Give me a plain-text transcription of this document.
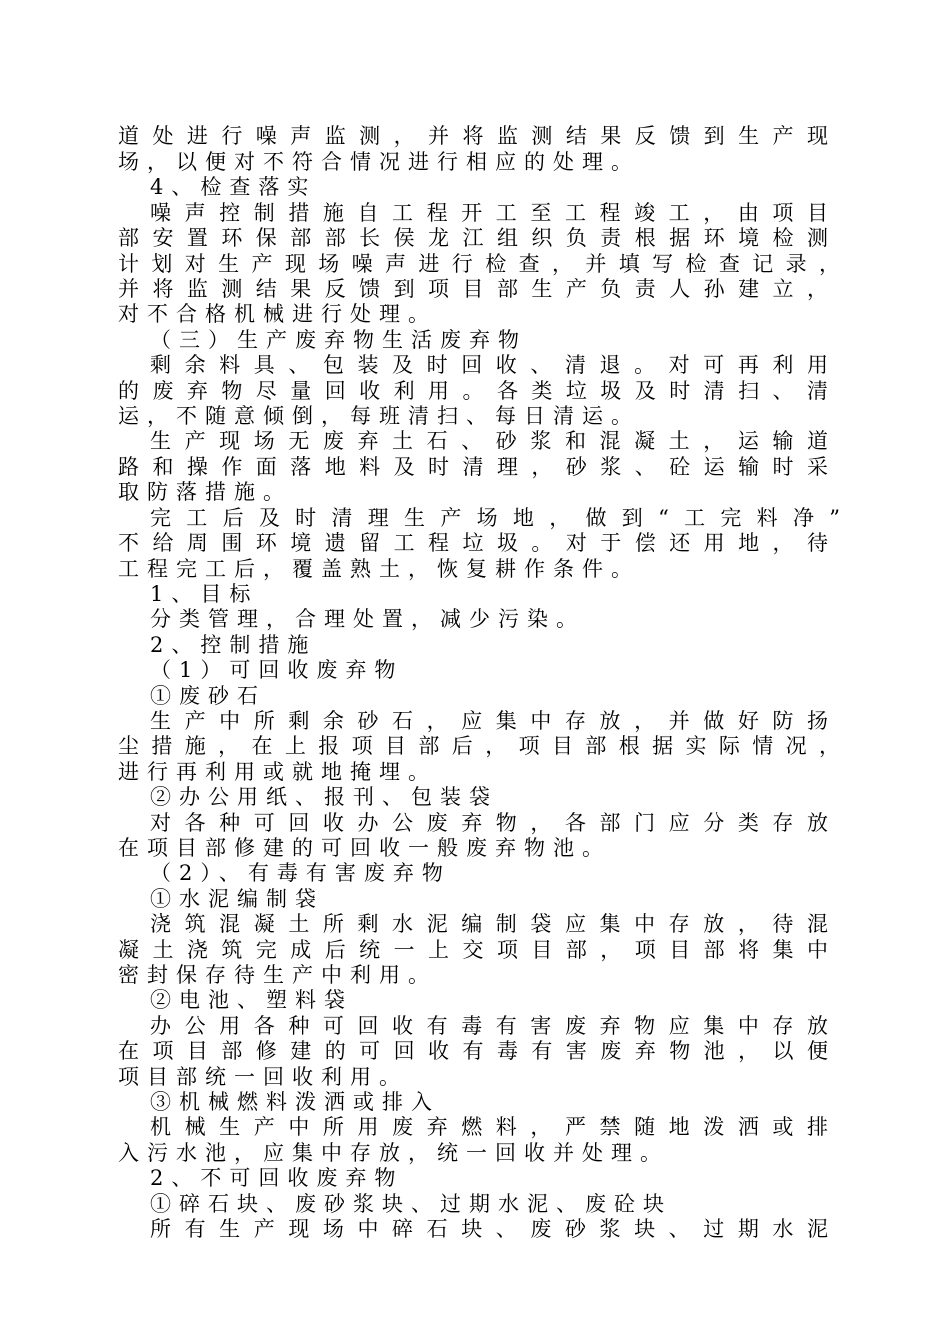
道处进行噪声监测，并将监测结果反馈到生产现
场，以便对不符合情况进行相应的处理。
4、检查落实
噪声控制措施自工程开工至工程竣工，由项目
部安置环保部部长侯龙江组织负责根据环境检测
计划对生产现场噪声进行检查，并填写检查记录，
并将监测结果反馈到项目部生产负责人孙建立，
对不合格机械进行处理。
（三）生产废弃物生活废弃物
剩余料具、包装及时回收、清退。对可再利用
的废弃物尽量回收利用。各类垃圾及时清扫、清
运，不随意倾倒，每班清扫、每日清运。
生产现场无废弃土石、砂浆和混凝土，运输道
路和操作面落地料及时清理，砂浆、砼运输时采
取防落措施。
完工后及时清理生产场地，做到“工完料净”
不给周围环境遗留工程垃圾。对于偿还用地，待
工程完工后，覆盖熟土，恢复耕作条件。
1、目标
分类管理，合理处置，减少污染。
2、控制措施
（1）可回收废弃物
①废砂石
生产中所剩余砂石，应集中存放，并做好防扬
尘措施，在上报项目部后，项目部根据实际情况，
进行再利用或就地掩埋。
②办公用纸、报刊、包装袋
对各种可回收办公废弃物，各部门应分类存放
在项目部修建的可回收一般废弃物池。
（2）、有毒有害废弃物
①水泥编制袋
浇筑混凝土所剩水泥编制袋应集中存放，待混
凝土浇筑完成后统一上交项目部，项目部将集中
密封保存待生产中利用。
②电池、塑料袋
办公用各种可回收有毒有害废弃物应集中存放
在项目部修建的可回收有毒有害废弃物池，以便
项目部统一回收利用。
③机械燃料泼洒或排入
机械生产中所用废弃燃料，严禁随地泼洒或排
入污水池，应集中存放，统一回收并处理。
2、不可回收废弃物
①碎石块、废砂浆块、过期水泥、废砼块
所有生产现场中碎石块、废砂浆块、过期水泥
